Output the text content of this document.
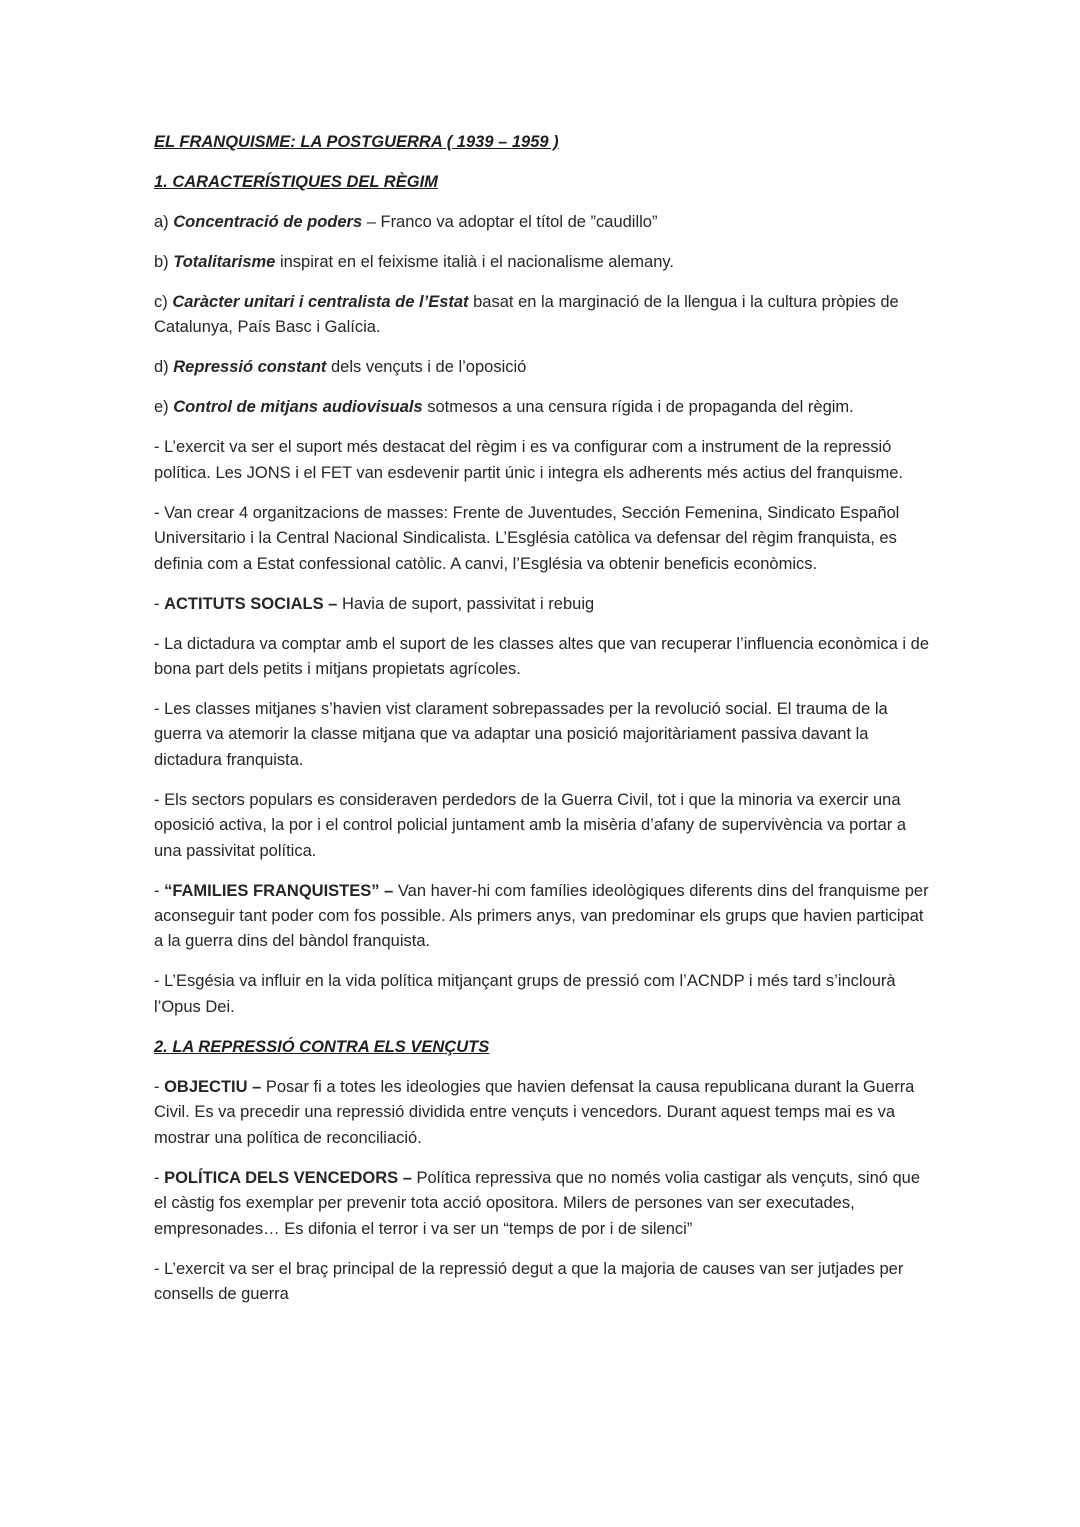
EL FRANQUISME: LA POSTGUERRA ( 1939 – 1959 )

1. CARACTERÍSTIQUES DEL RÈGIM

a) Concentració de poders – Franco va adoptar el títol de ”caudillo”

b) Totalitarisme inspirat en el feixisme italià i el nacionalisme alemany.

c) Caràcter unitari i centralista de l’Estat basat en la marginació de la llengua i la cultura pròpies de Catalunya, País Basc i Galícia.

d) Repressió constant dels vençuts i de l’oposició

e) Control de mitjans audiovisuals sotmesos a una censura rígida i de propaganda del règim.

- L’exercit va ser el suport més destacat del règim i es va configurar com a instrument de la repressió política. Les JONS i el FET van esdevenir partit únic i integra els adherents més actius del franquisme.

- Van crear 4 organitzacions de masses: Frente de Juventudes, Sección Femenina, Sindicato Español Universitario i la Central Nacional Sindicalista. L’Església catòlica va defensar del règim franquista, es definia com a Estat confessional catòlic. A canvi, l’Església va obtenir beneficis econòmics.

- ACTITUTS SOCIALS – Havia de suport, passivitat i rebuig

- La dictadura va comptar amb el suport de les classes altes que van recuperar l’influencia econòmica i de bona part dels petits i mitjans propietats agrícoles.

- Les classes mitjanes s’havien vist clarament sobrepassades per la revolució social. El trauma de la guerra va atemorir la classe mitjana que va adaptar una posició majoritàriament passiva davant la dictadura franquista.

- Els sectors populars es consideraven perdedors de la Guerra Civil, tot i que la minoria va exercir una oposició activa, la por i el control policial juntament amb la misèria d’afany de supervivència va portar a una passivitat política.

- “FAMILIES FRANQUISTES” – Van haver-hi com famílies ideològiques diferents dins del franquisme per aconseguir tant poder com fos possible. Als primers anys, van predominar els grups que havien participat a la guerra dins del bàndol franquista.

- L’Esgésia va influir en la vida política mitjançant grups de pressió com l’ACNDP i més tard s’inclourà l’Opus Dei.

2. LA REPRESSIÓ CONTRA ELS VENÇUTS

- OBJECTIU – Posar fi a totes les ideologies que havien defensat la causa republicana durant la Guerra Civil. Es va precedir una repressió dividida entre vençuts i vencedors. Durant aquest temps mai es va mostrar una política de reconciliació.

- POLÍTICA DELS VENCEDORS – Política repressiva que no només volia castigar als vençuts, sinó que el càstig fos exemplar per prevenir tota acció opositora. Milers de persones van ser executades, empresonades… Es difonia el terror i va ser un “temps de por i de silenci”

- L’exercit va ser el braç principal de la repressió degut a que la majoria de causes van ser jutjades per consells de guerra
